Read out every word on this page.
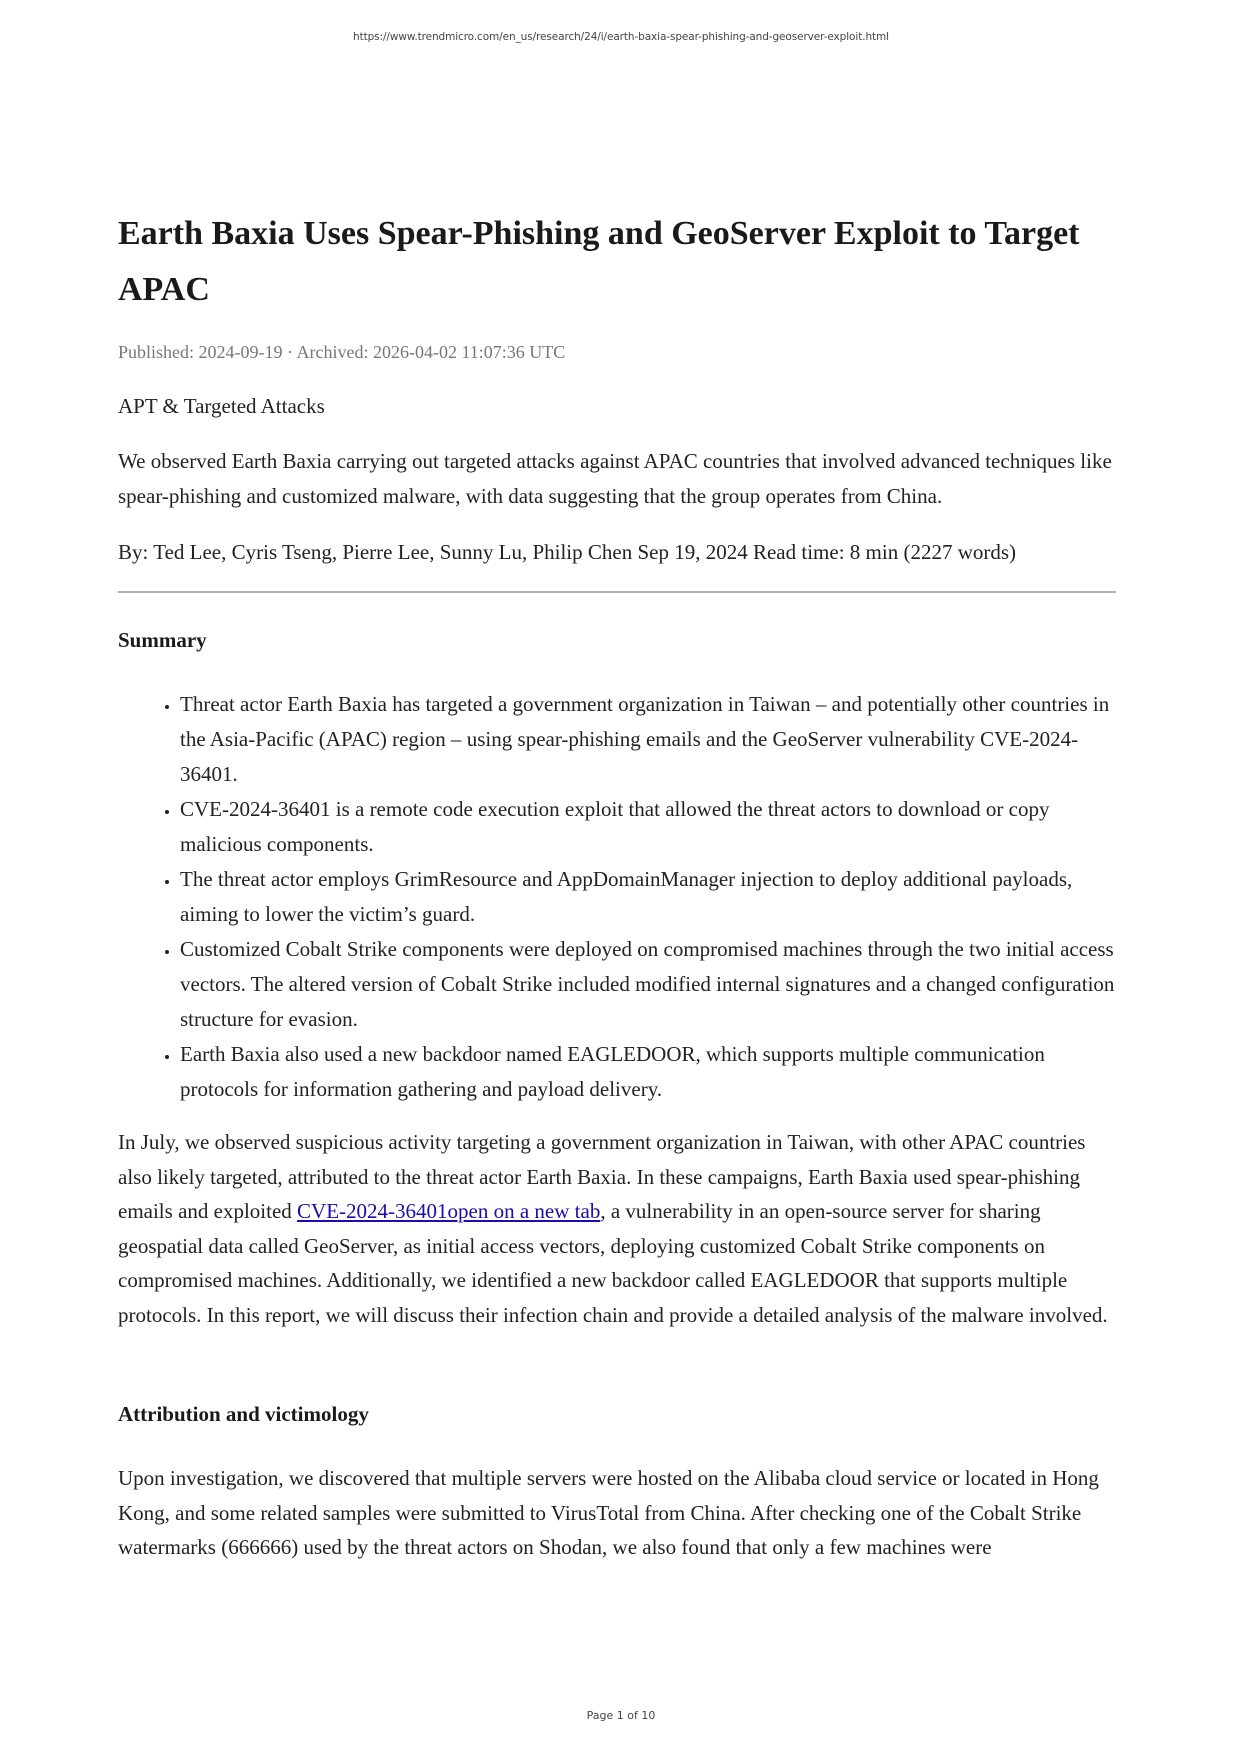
https://www.trendmicro.com/en_us/research/24/i/earth-baxia-spear-phishing-and-geoserver-exploit.html
Earth Baxia Uses Spear-Phishing and GeoServer Exploit to Target APAC
Published: 2024-09-19 · Archived: 2026-04-02 11:07:36 UTC
APT & Targeted Attacks

We observed Earth Baxia carrying out targeted attacks against APAC countries that involved advanced techniques like spear-phishing and customized malware, with data suggesting that the group operates from China.

By: Ted Lee, Cyris Tseng, Pierre Lee, Sunny Lu, Philip Chen Sep 19, 2024 Read time: 8 min (2227 words)

Summary
• Threat actor Earth Baxia has targeted a government organization in Taiwan – and potentially other countries in the Asia-Pacific (APAC) region – using spear-phishing emails and the GeoServer vulnerability CVE-2024-36401.
• CVE-2024-36401 is a remote code execution exploit that allowed the threat actors to download or copy malicious components.
• The threat actor employs GrimResource and AppDomainManager injection to deploy additional payloads, aiming to lower the victim’s guard.
• Customized Cobalt Strike components were deployed on compromised machines through the two initial access vectors. The altered version of Cobalt Strike included modified internal signatures and a changed configuration structure for evasion.
• Earth Baxia also used a new backdoor named EAGLEDOOR, which supports multiple communication protocols for information gathering and payload delivery.

In July, we observed suspicious activity targeting a government organization in Taiwan, with other APAC countries also likely targeted, attributed to the threat actor Earth Baxia. In these campaigns, Earth Baxia used spear-phishing emails and exploited CVE-2024-36401open on a new tab, a vulnerability in an open-source server for sharing geospatial data called GeoServer, as initial access vectors, deploying customized Cobalt Strike components on compromised machines. Additionally, we identified a new backdoor called EAGLEDOOR that supports multiple protocols. In this report, we will discuss their infection chain and provide a detailed analysis of the malware involved.

Attribution and victimology

Upon investigation, we discovered that multiple servers were hosted on the Alibaba cloud service or located in Hong Kong, and some related samples were submitted to VirusTotal from China. After checking one of the Cobalt Strike watermarks (666666) used by the threat actors on Shodan, we also found that only a few machines were

Page 1 of 10
